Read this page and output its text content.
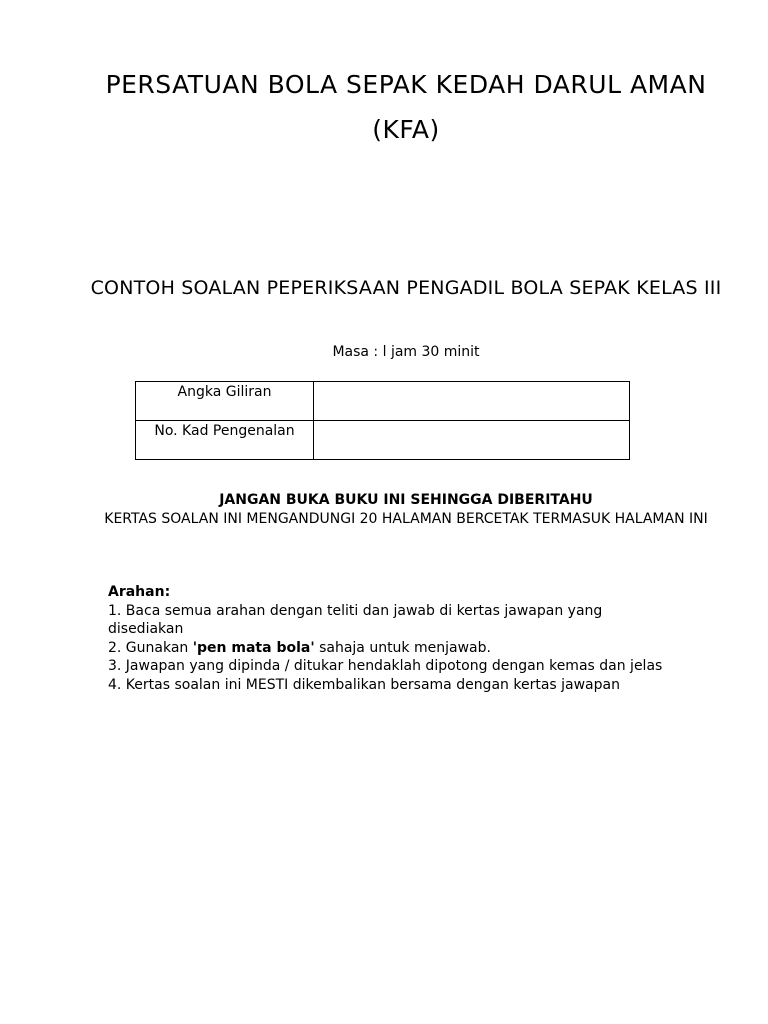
PERSATUAN BOLA SEPAK KEDAH DARUL AMAN
(KFA)
CONTOH SOALAN PEPERIKSAAN PENGADIL BOLA SEPAK KELAS III
Masa : l jam 30 minit
Angka Giliran	
No. Kad Pengenalan	
JANGAN BUKA BUKU INI SEHINGGA DIBERITAHU
KERTAS SOALAN INI MENGANDUNGI 20 HALAMAN BERCETAK TERMASUK HALAMAN INI
Arahan:
1. Baca semua arahan dengan teliti dan jawab di kertas jawapan yang
disediakan
2. Gunakan 'pen mata bola' sahaja untuk menjawab.
3. Jawapan yang dipinda / ditukar hendaklah dipotong dengan kemas dan jelas
4. Kertas soalan ini MESTI dikembalikan bersama dengan kertas jawapan
